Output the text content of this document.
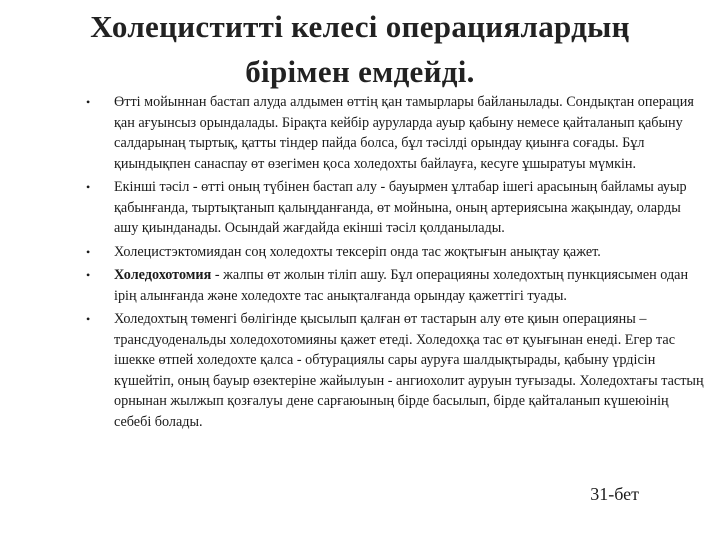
Холециститті келесі операциялардың
бірімен емдейді.
• Өтті мойыннан бастап алуда алдымен өттің қан тамырлары байланылады. Сондықтан операция қан ағуынсыз орындалады. Бірақта кейбір ауруларда ауыр қабыну немесе қайталанып қабыну салдарынаң тыртық, қатты тіндер пайда болса, бұл тәсілді орындау қиынға соғады. Бұл қиындықпен санаспау өт өзегімен қоса холедохты байлауға, кесуге ұшыратуы мүмкін.
• Екінші тәсіл - өтті оның түбінен бастап алу - бауырмен ұлтабар ішегі арасының байламы ауыр қабынғанда, тыртықтанып қалыңданғанда, өт мойнына, оның артериясына жақындау, оларды ашу қиынданады. Осындай жағдайда екінші тәсіл қолданылады.
• Холецистэктомиядан соң холедохты тексеріп онда тас жоқтығын анықтау қажет.
• Холедохотомия - жалпы өт жолын тіліп ашу. Бұл операцияны холедохтың пункциясымен одан ірің алынғанда және холедохте тас анықталғанда орындау қажеттігі туады.
• Холедохтың төменгі бөлігінде қысылып қалған өт тастарын алу өте қиын операцияны –трансдуоденальды холедохотомияны қажет етеді. Холедохқа тас өт қуығынан енеді. Егер тас ішекке өтпей холедохте қалса - обтурациялы сары ауруға шалдықтырады, қабыну үрдісін күшейтіп, оның бауыр өзектеріне жайылуын - ангиохолит ауруын туғызады. Холедохтағы тастың орнынан жылжып қозғалуы дене сарғаюының бірде басылып, бірде қайталанып күшеюінің себебі болады.
31-бет
